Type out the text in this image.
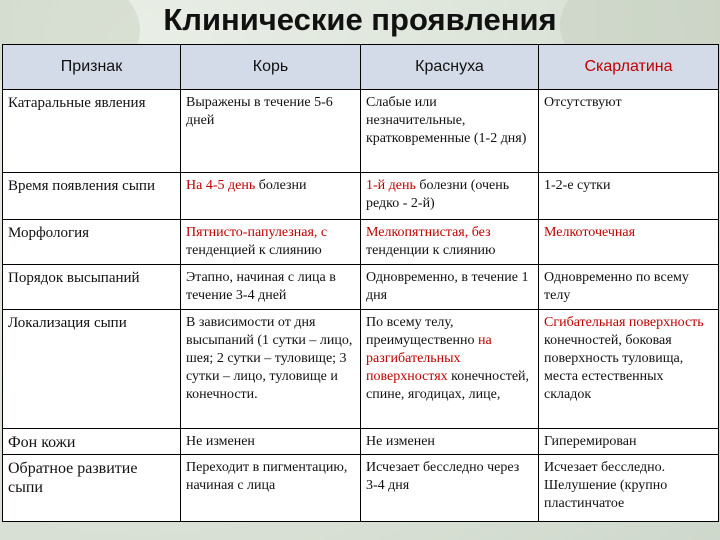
Клинические проявления
Признак	Корь	Краснуха	Скарлатина
Катаральные явления	Выражены в течение 5-6 дней	Слабые или незначительные, кратковременные (1-2 дня)	Отсутствуют
Время появления сыпи	На 4-5 день болезни	1-й день болезни (очень редко - 2-й)	1-2-е сутки
Морфология	Пятнисто-папулезная, с тенденцией к слиянию	Мелкопятнистая, без тенденции к слиянию	Мелкоточечная
Порядок высыпаний	Этапно, начиная с лица в течение 3-4 дней	Одновременно, в течение 1 дня	Одновременно по всему телу
Локализация сыпи	В зависимости от дня высыпаний (1 сутки – лицо, шея; 2 сутки – туловище; 3 сутки – лицо, туловище и конечности.	По всему телу, преимущественно на разгибательных поверхностях конечностей, спине, ягодицах, лице,	Сгибательная поверхность конечностей, боковая поверхность туловища, места естественных складок
Фон кожи	Не изменен	Не изменен	Гиперемирован
Обратное развитие сыпи	Переходит в пигментацию, начиная с лица	Исчезает бесследно через 3-4 дня	Исчезает бесследно. Шелушение (крупно пластинчатое
